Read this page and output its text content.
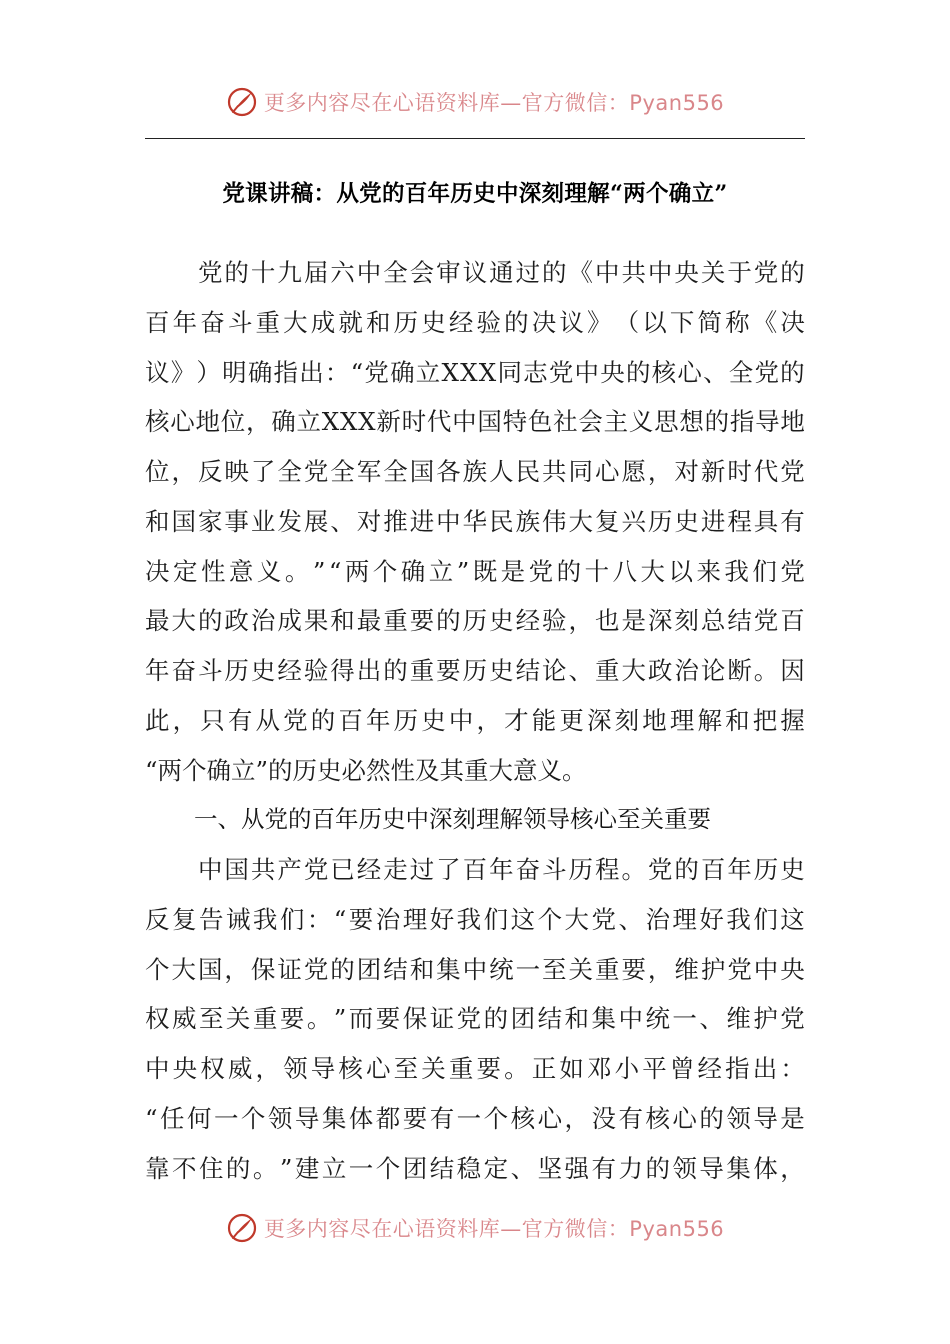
更多内容尽在心语资料库—官方微信：Pyan556
党课讲稿：从党的百年历史中深刻理解“两个确立”

党 的 十 九 届 六 中 全 会 审 议 通 过 的 《 中 共 中 央 关 于 党 的
百 年 奋 斗 重 大 成 就 和 历 史 经 验 的 决 议 》 （ 以 下 简 称 《 决
议 》 ） 明 确 指 出 ： “ 党 确 立 X X X 同 志 党 中 央 的 核 心 、 全 党 的
核 心 地 位 ， 确 立 X X X 新 时 代 中 国 特 色 社 会 主 义 思 想 的 指 导 地
位 ， 反 映 了 全 党 全 军 全 国 各 族 人 民 共 同 心 愿 ， 对 新 时 代 党
和 国 家 事 业 发 展 、 对 推 进 中 华 民 族 伟 大 复 兴 历 史 进 程 具 有
决 定 性 意 义 。 ” “ 两 个 确 立 ” 既 是 党 的 十 八 大 以 来 我 们 党
最 大 的 政 治 成 果 和 最 重 要 的 历 史 经 验 ， 也 是 深 刻 总 结 党 百
年 奋 斗 历 史 经 验 得 出 的 重 要 历 史 结 论 、 重 大 政 治 论 断 。 因
此 ， 只 有 从 党 的 百 年 历 史 中 ， 才 能 更 深 刻 地 理 解 和 把 握
“两个确立”的历史必然性及其重大意义。
一、从党的百年历史中深刻理解领导核心至关重要

中 国 共 产 党 已 经 走 过 了 百 年 奋 斗 历 程 。 党 的 百 年 历 史
反 复 告 诫 我 们 ： “ 要 治 理 好 我 们 这 个 大 党 、 治 理 好 我 们 这
个 大 国 ， 保 证 党 的 团 结 和 集 中 统 一 至 关 重 要 ， 维 护 党 中 央
权 威 至 关 重 要 。 ” 而 要 保 证 党 的 团 结 和 集 中 统 一 、 维 护 党
中 央 权 威 ， 领 导 核 心 至 关 重 要 。 正 如 邓 小 平 曾 经 指 出 ：
“ 任 何 一 个 领 导 集 体 都 要 有 一 个 核 心 ， 没 有 核 心 的 领 导 是
靠 不 住 的 。 ” 建 立 一 个 团 结 稳 定 、 坚 强 有 力 的 领 导 集 体 ，
更多内容尽在心语资料库—官方微信：Pyan556
